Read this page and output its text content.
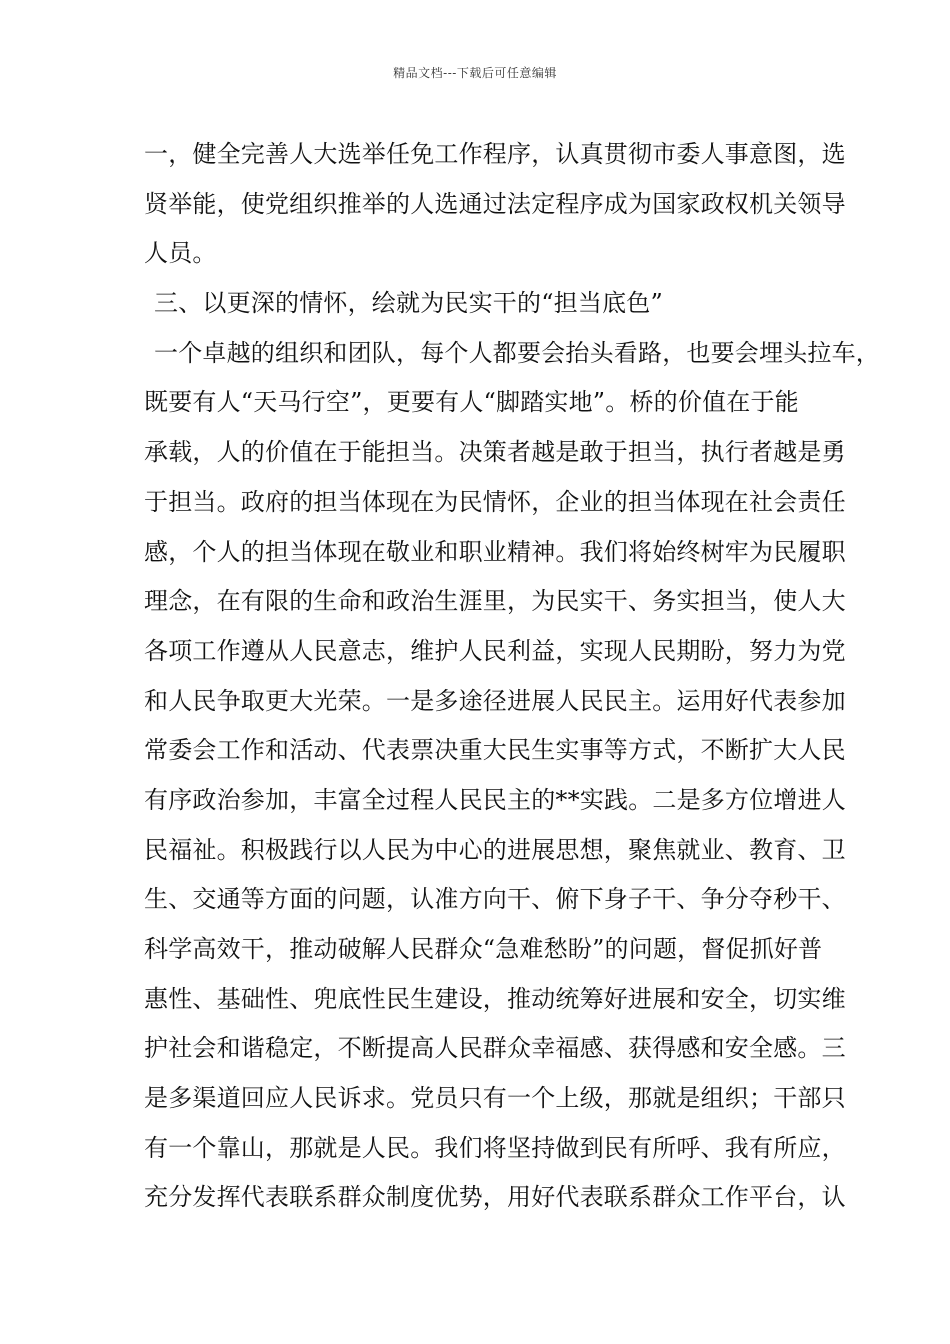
精品文档---下载后可任意编辑
一，健全完善人大选举任免工作程序，认真贯彻市委人事意图，选
贤举能，使党组织推举的人选通过法定程序成为国家政权机关领导
人员。
三、以更深的情怀，绘就为民实干的“担当底色”
一个卓越的组织和团队，每个人都要会抬头看路，也要会埋头拉车，
既要有人“天马行空”，更要有人“脚踏实地”。桥的价值在于能
承载，人的价值在于能担当。决策者越是敢于担当，执行者越是勇
于担当。政府的担当体现在为民情怀，企业的担当体现在社会责任
感，个人的担当体现在敬业和职业精神。我们将始终树牢为民履职
理念，在有限的生命和政治生涯里，为民实干、务实担当，使人大
各项工作遵从人民意志，维护人民利益，实现人民期盼，努力为党
和人民争取更大光荣。一是多途径进展人民民主。运用好代表参加
常委会工作和活动、代表票决重大民生实事等方式，不断扩大人民
有序政治参加，丰富全过程人民民主的**实践。二是多方位增进人
民福祉。积极践行以人民为中心的进展思想，聚焦就业、教育、卫
生、交通等方面的问题，认准方向干、俯下身子干、争分夺秒干、
科学高效干，推动破解人民群众“急难愁盼”的问题，督促抓好普
惠性、基础性、兜底性民生建设，推动统筹好进展和安全，切实维
护社会和谐稳定，不断提高人民群众幸福感、获得感和安全感。三
是多渠道回应人民诉求。党员只有一个上级，那就是组织；干部只
有一个靠山，那就是人民。我们将坚持做到民有所呼、我有所应，
充分发挥代表联系群众制度优势，用好代表联系群众工作平台，认
